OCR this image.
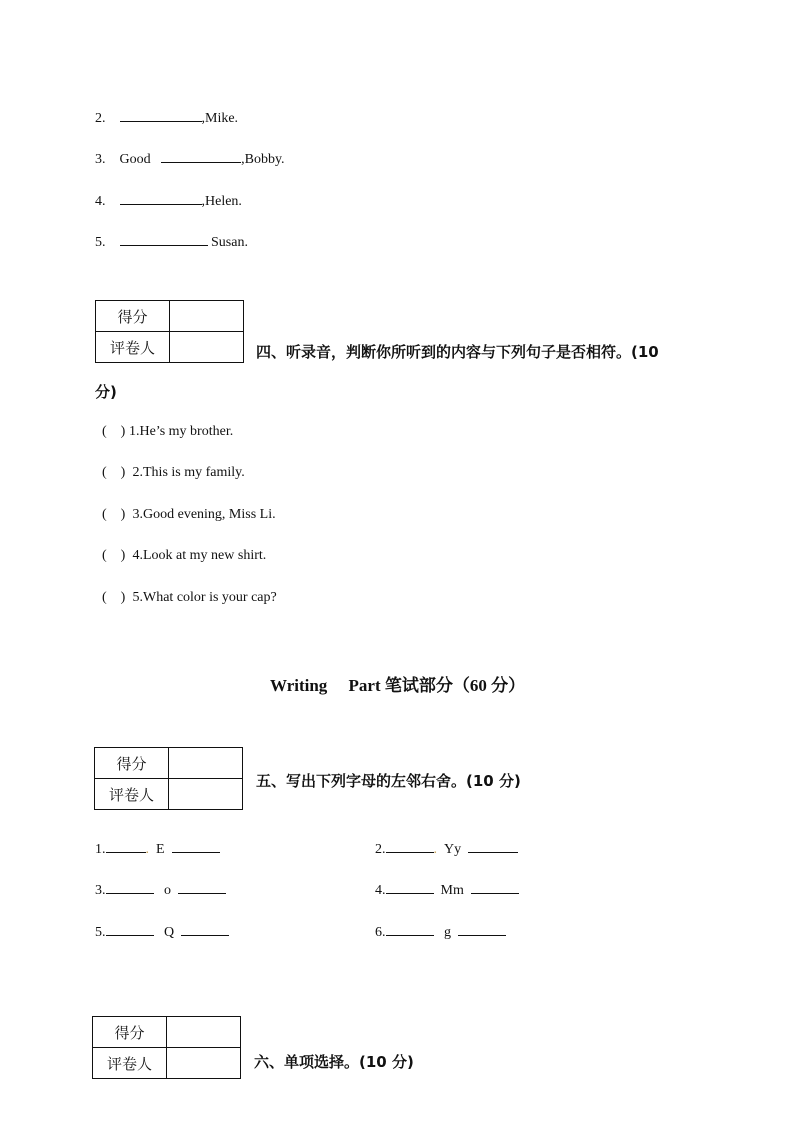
2.	,Mike.
3. Good	,Bobby.
4.	,Helen.
5.	Susan.
得分	
评卷人		四、听录音，判断你所听到的内容与下列句子是否相符。(10
分)
( ) 1.He’s my brother.
( ) 2.This is my family.
( ) 3.Good evening, Miss Li.
( ) 4.Look at my new shirt.
( ) 5.What color is your cap?
Writing     Part 笔试部分（60 分）
得分	
评卷人	
五、写出下列字母的左邻右舍。(10 分)
1.	. E	2.	. Yy
3.	o	4.	Mm
5.	Q	6.	g
得分	
评卷人		六、单项选择。(10 分)
